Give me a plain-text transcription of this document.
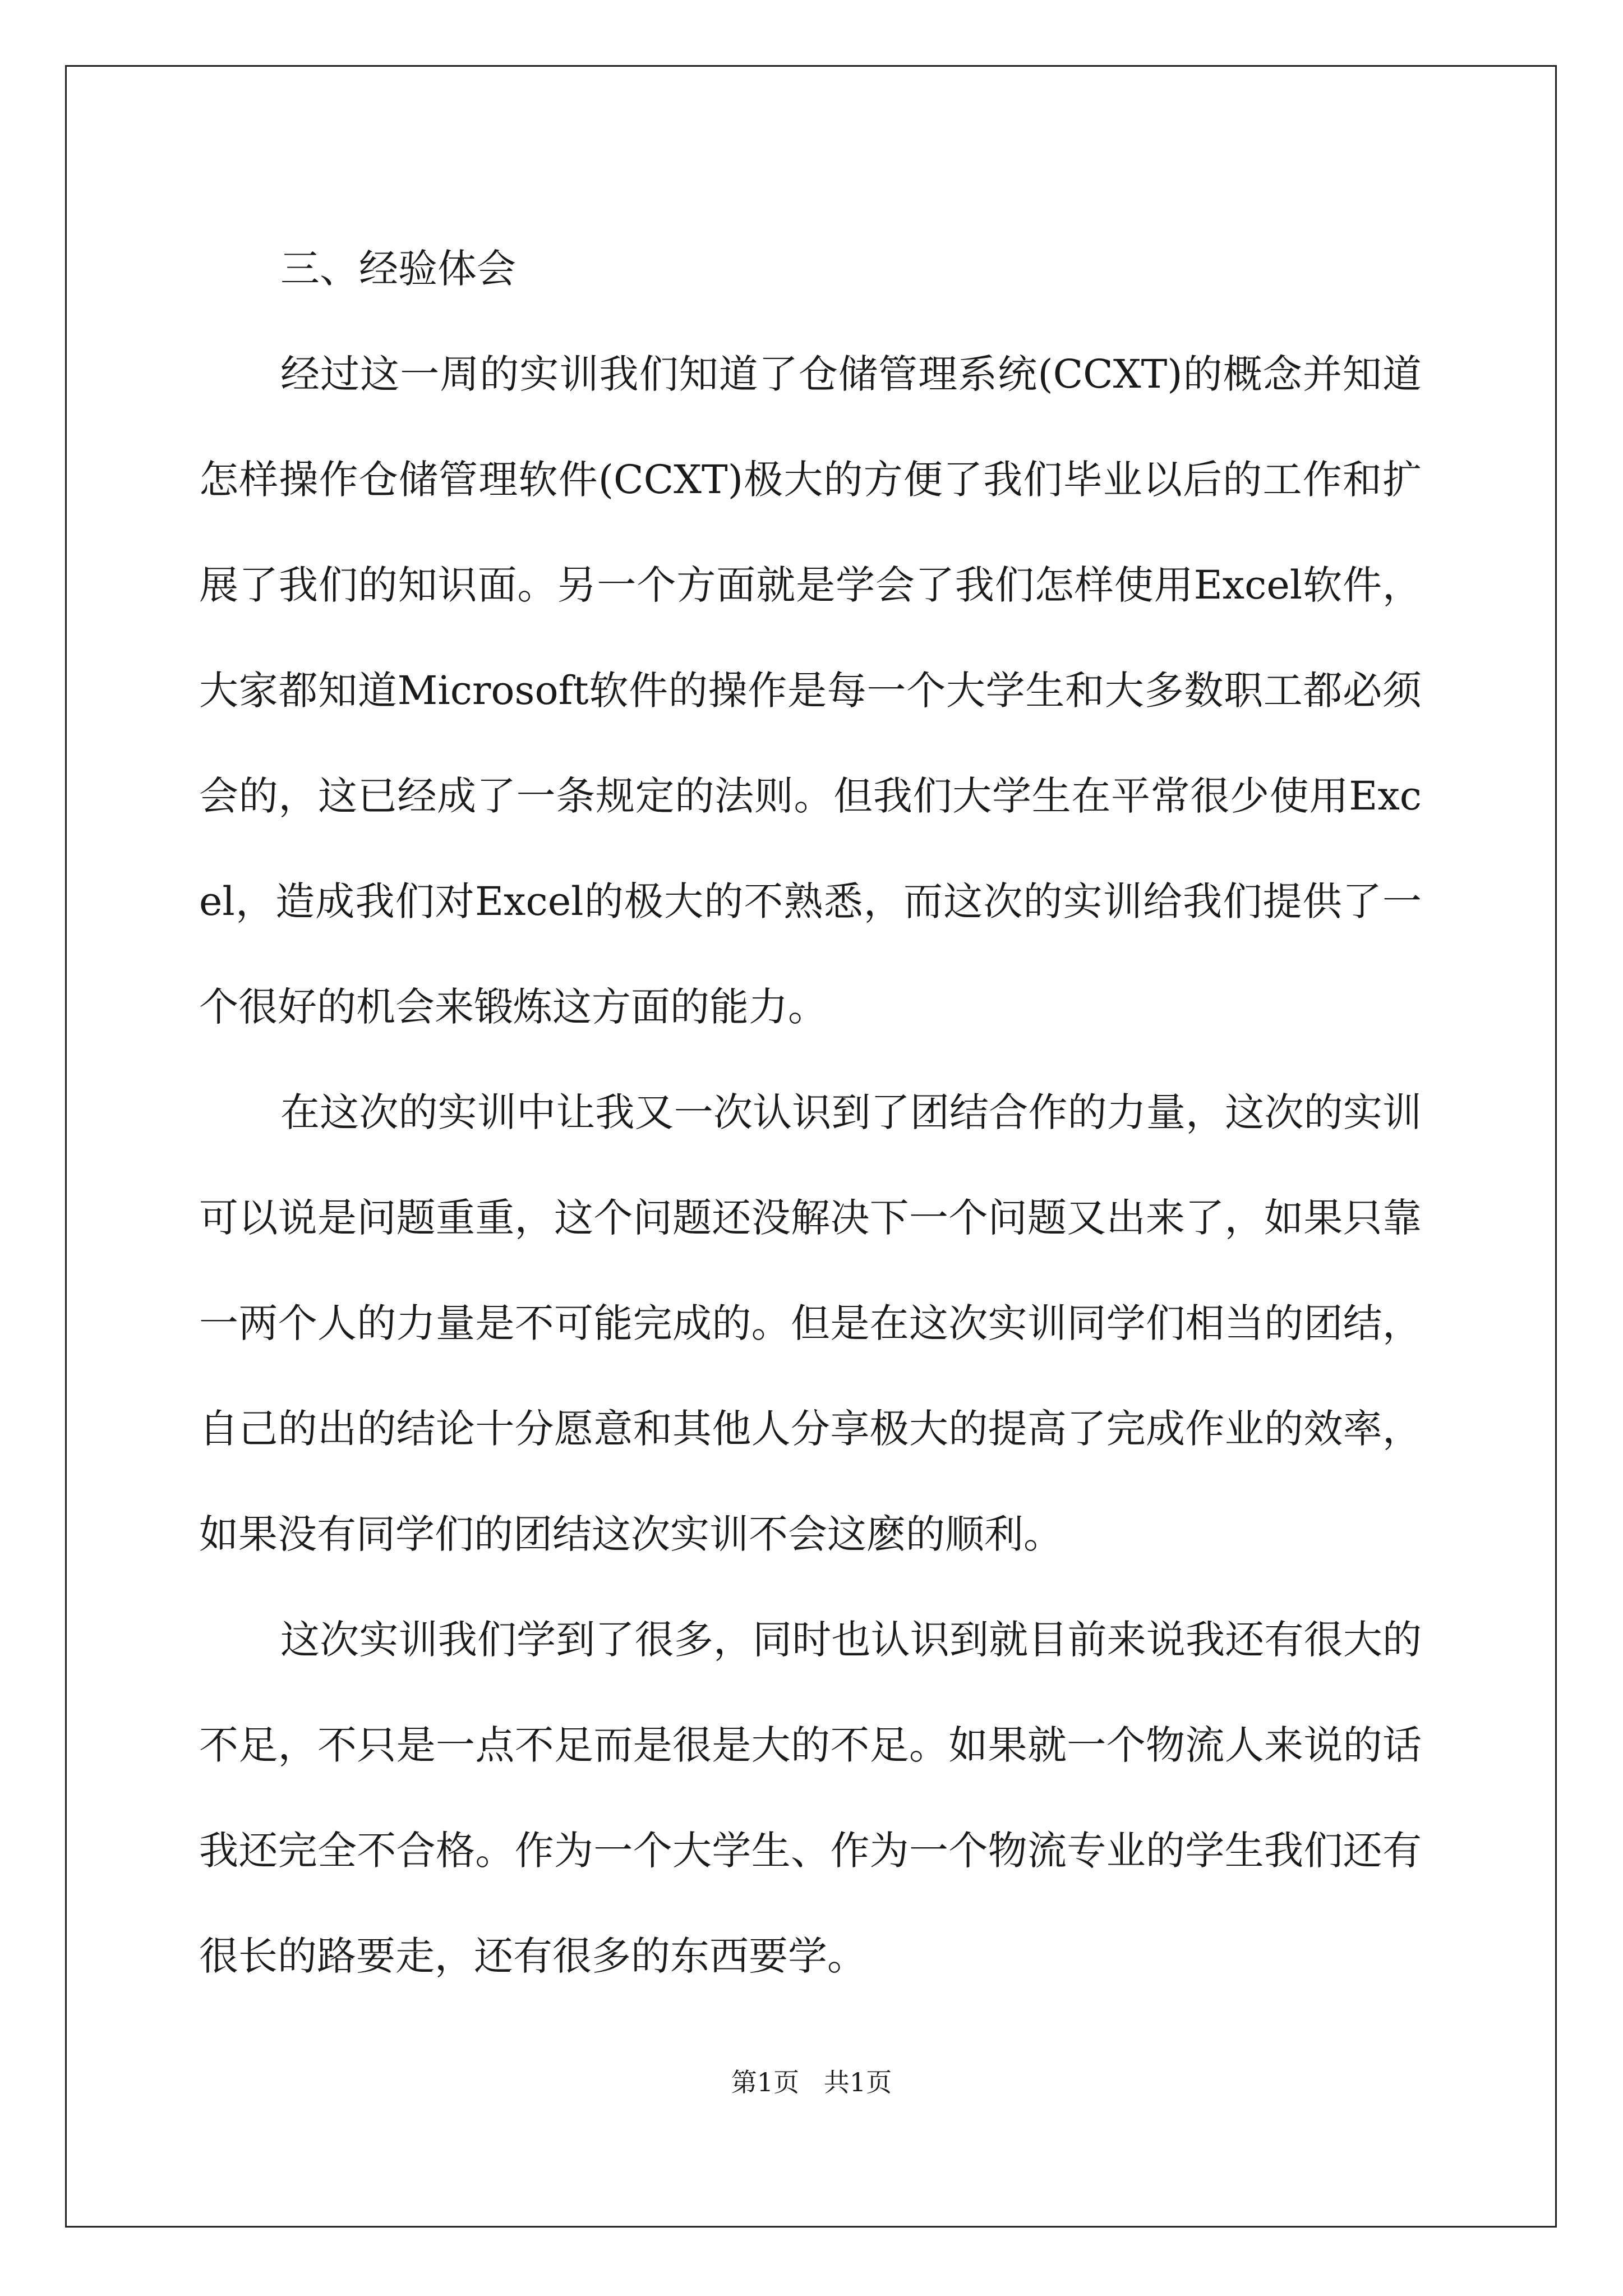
三、经验体会

经过这一周的实训我们知道了仓储管理系统(CCXT)的概念并知道怎样操作仓储管理软件(CCXT)极大的方便了我们毕业以后的工作和扩展了我们的知识面。另一个方面就是学会了我们怎样使用Excel软件，大家都知道Microsoft软件的操作是每一个大学生和大多数职工都必须会的，这已经成了一条规定的法则。但我们大学生在平常很少使用Excel，造成我们对Excel的极大的不熟悉，而这次的实训给我们提供了一个很好的机会来锻炼这方面的能力。

在这次的实训中让我又一次认识到了团结合作的力量，这次的实训可以说是问题重重，这个问题还没解决下一个问题又出来了，如果只靠一两个人的力量是不可能完成的。但是在这次实训同学们相当的团结，自己的出的结论十分愿意和其他人分享极大的提高了完成作业的效率，如果没有同学们的团结这次实训不会这麽的顺利。

这次实训我们学到了很多，同时也认识到就目前来说我还有很大的不足，不只是一点不足而是很是大的不足。如果就一个物流人来说的话我还完全不合格。作为一个大学生、作为一个物流专业的学生我们还有很长的路要走，还有很多的东西要学。

第1页   共1页
